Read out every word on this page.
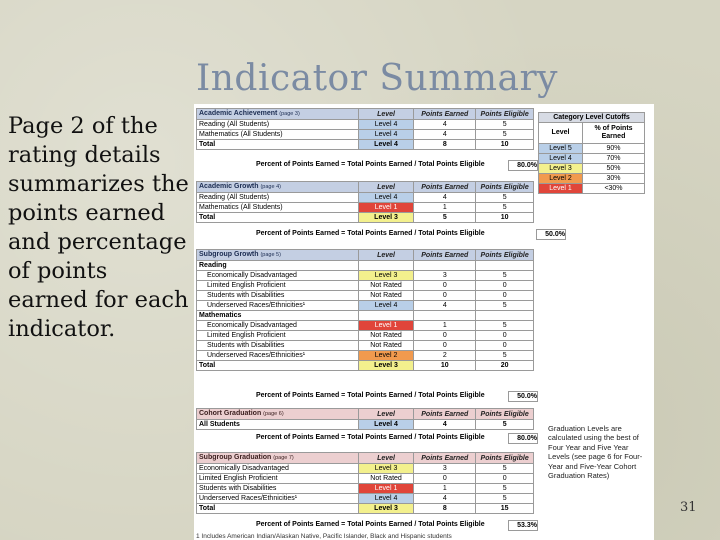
Indicator Summary
Page 2 of the rating details summarizes the points earned and percentage of points earned for each indicator.
31
Academic Achievement (page 3)	Level	Points Earned	Points Eligible
Reading (All Students)	Level 4	4	5
Mathematics (All Students)	Level 4	4	5
Total	Level 4	8	10
Percent of Points Earned = Total Points Earned / Total Points Eligible	80.0%
Academic Growth (page 4)	Level	Points Earned	Points Eligible
Reading (All Students)	Level 4	4	5
Mathematics (All Students)	Level 1	1	5
Total	Level 3	5	10
Percent of Points Earned = Total Points Earned / Total Points Eligible	50.0%
Subgroup Growth (page 5)	Level	Points Earned	Points Eligible
Reading			
Economically Disadvantaged	Level 3	3	5
Limited English Proficient	Not Rated	0	0
Students with Disabilities	Not Rated	0	0
Underserved Races/Ethnicities¹	Level 4	4	5
Mathematics			
Economically Disadvantaged	Level 1	1	5
Limited English Proficient	Not Rated	0	0
Students with Disabilities	Not Rated	0	0
Underserved Races/Ethnicities¹	Level 2	2	5
Total	Level 3	10	20
Percent of Points Earned = Total Points Earned / Total Points Eligible	50.0%
Cohort Graduation (page 6)	Level	Points Earned	Points Eligible
All Students	Level 4	4	5
Percent of Points Earned = Total Points Earned / Total Points Eligible	80.0%
Subgroup Graduation (page 7)	Level	Points Earned	Points Eligible
Economically Disadvantaged	Level 3	3	5
Limited English Proficient	Not Rated	0	0
Students with Disabilities	Level 1	1	5
Underserved Races/Ethnicities¹	Level 4	4	5
Total	Level 3	8	15
Percent of Points Earned = Total Points Earned / Total Points Eligible	53.3%
Category Level Cutoffs	
Level	% of Points Earned
Level 5	90%
Level 4	70%
Level 3	50%
Level 2	30%
Level 1	<30%
Graduation Levels are calculated using the best of Four Year and Five Year Levels (see page 6 for Four-Year and Five-Year Cohort Graduation Rates)
1 Includes American Indian/Alaskan Native, Pacific Islander, Black and Hispanic students
